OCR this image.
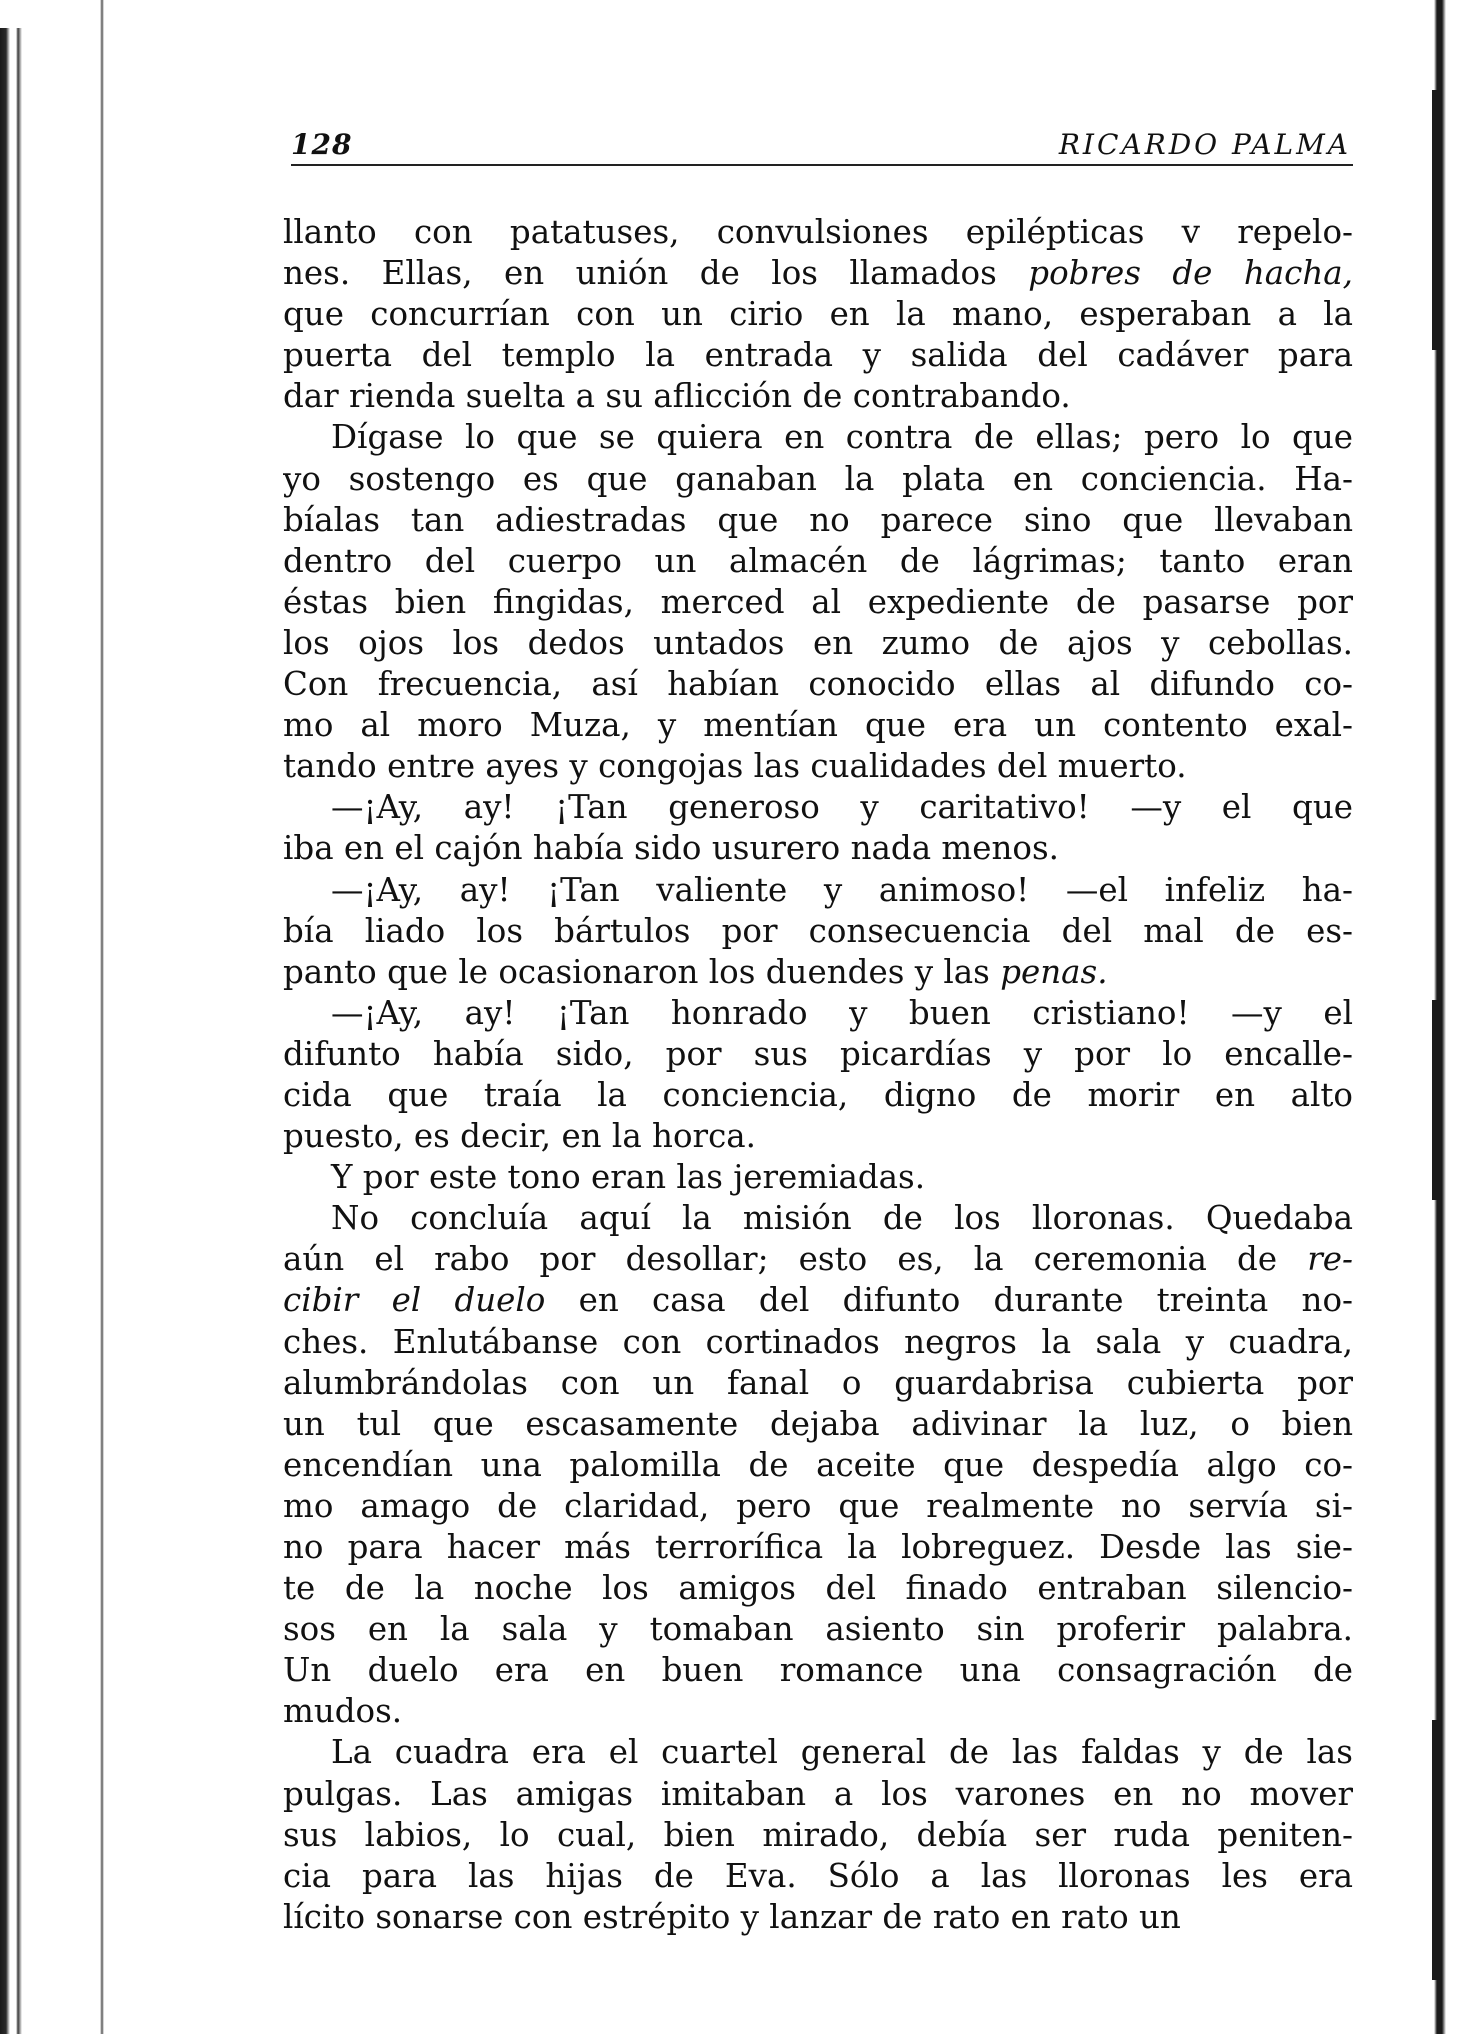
128	RICARDO PALMA
llanto con patatuses, convulsiones epilépticas v repelo-
nes. Ellas, en unión de los llamados pobres de hacha,
que concurrían con un cirio en la mano, esperaban a la
puerta del templo la entrada y salida del cadáver para
dar rienda suelta a su aflicción de contrabando.
Dígase lo que se quiera en contra de ellas; pero lo que
yo sostengo es que ganaban la plata en conciencia. Ha-
bíalas tan adiestradas que no parece sino que llevaban
dentro del cuerpo un almacén de lágrimas; tanto eran
éstas bien fingidas, merced al expediente de pasarse por
los ojos los dedos untados en zumo de ajos y cebollas.
Con frecuencia, así habían conocido ellas al difundo co-
mo al moro Muza, y mentían que era un contento exal-
tando entre ayes y congojas las cualidades del muerto.
—¡Ay, ay! ¡Tan generoso y caritativo! —y el que
iba en el cajón había sido usurero nada menos.
—¡Ay, ay! ¡Tan valiente y animoso! —el infeliz ha-
bía liado los bártulos por consecuencia del mal de es-
panto que le ocasionaron los duendes y las penas.
—¡Ay, ay! ¡Tan honrado y buen cristiano! —y el
difunto había sido, por sus picardías y por lo encalle-
cida que traía la conciencia, digno de morir en alto
puesto, es decir, en la horca.
Y por este tono eran las jeremiadas.
No concluía aquí la misión de los lloronas. Quedaba
aún el rabo por desollar; esto es, la ceremonia de re-
cibir el duelo en casa del difunto durante treinta no-
ches. Enlutábanse con cortinados negros la sala y cuadra,
alumbrándolas con un fanal o guardabrisa cubierta por
un tul que escasamente dejaba adivinar la luz, o bien
encendían una palomilla de aceite que despedía algo co-
mo amago de claridad, pero que realmente no servía si-
no para hacer más terrorífica la lobreguez. Desde las sie-
te de la noche los amigos del finado entraban silencio-
sos en la sala y tomaban asiento sin proferir palabra.
Un duelo era en buen romance una consagración de
mudos.
La cuadra era el cuartel general de las faldas y de las
pulgas. Las amigas imitaban a los varones en no mover
sus labios, lo cual, bien mirado, debía ser ruda peniten-
cia para las hijas de Eva. Sólo a las lloronas les era
lícito sonarse con estrépito y lanzar de rato en rato un
